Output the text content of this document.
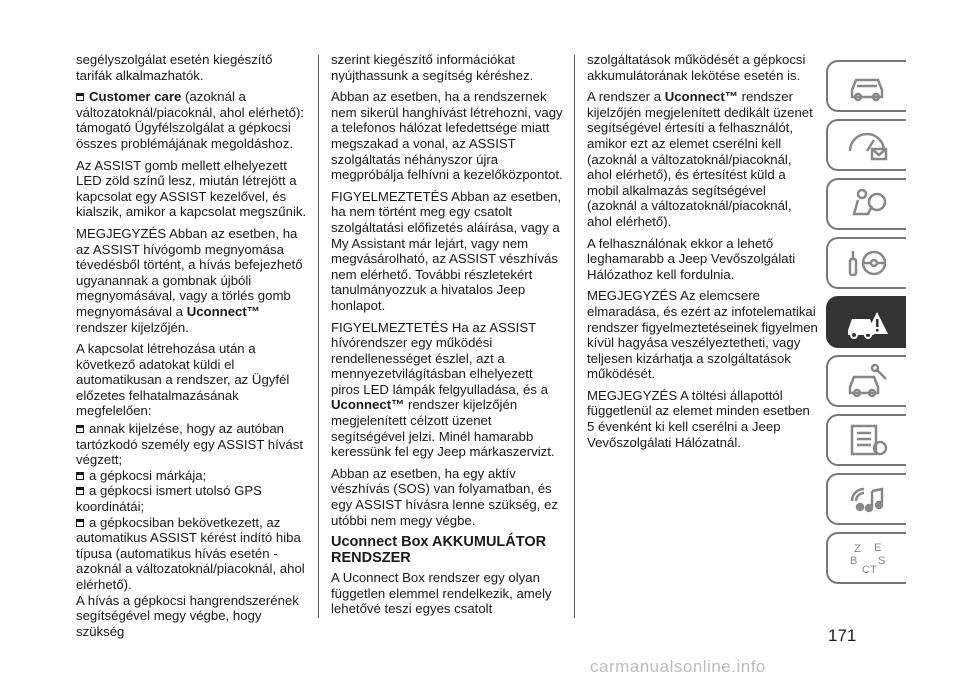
segélyszolgálat esetén kiegészítő tarifák alkalmazhatók.

Customer care (azoknál a változatoknál/piacoknál, ahol elérhető): támogató Ügyfélszolgálat a gépkocsi összes problémájának megoldáshoz.

Az ASSIST gomb mellett elhelyezett LED zöld színű lesz, miután létrejött a kapcsolat egy ASSIST kezelővel, és kialszik, amikor a kapcsolat megszűnik.

MEGJEGYZÉS Abban az esetben, ha az ASSIST hívógomb megnyomása tévedésből történt, a hívás befejezhető ugyanannak a gombnak újbóli megnyomásával, vagy a törlés gomb megnyomásával a Uconnect™ rendszer kijelzőjén.

A kapcsolat létrehozása után a következő adatokat küldi el automatikusan a rendszer, az Ügyfél előzetes felhatalmazásának megfelelően:

annak kijelzése, hogy az autóban tartózkodó személy egy ASSIST hívást végzett;

a gépkocsi márkája;

a gépkocsi ismert utolsó GPS koordinátái;

a gépkocsiban bekövetkezett, az automatikus ASSIST kérést indító hiba típusa (automatikus hívás esetén - azoknál a változatoknál/piacoknál, ahol elérhető).

A hívás a gépkocsi hangrendszerének segítségével megy végbe, hogy szükség

szerint kiegészítő információkat nyújthassunk a segítség kéréshez.

Abban az esetben, ha a rendszernek nem sikerül hanghívást létrehozni, vagy a telefonos hálózat lefedettsége miatt megszakad a vonal, az ASSIST szolgáltatás néhányszor újra megpróbálja felhívni a kezelőközpontot.

FIGYELMEZTETÉS Abban az esetben, ha nem történt meg egy csatolt szolgáltatási előfizetés aláírása, vagy a My Assistant már lejárt, vagy nem megvásárolható, az ASSIST vészhívás nem elérhető. További részletekért tanulmányozzuk a hivatalos Jeep honlapot.

FIGYELMEZTETÉS Ha az ASSIST hívórendszer egy működési rendellenességet észlel, azt a mennyezetvilágításban elhelyezett piros LED lámpák felgyulladása, és a Uconnect™ rendszer kijelzőjén megjelenített célzott üzenet segítségével jelzi. Minél hamarabb keressünk fel egy Jeep márkaszervizt.

Abban az esetben, ha egy aktív vészhívás (SOS) van folyamatban, és egy ASSIST hívásra lenne szükség, ez utóbbi nem megy végbe.

Uconnect Box AKKUMULÁTOR RENDSZER

A Uconnect Box rendszer egy olyan független elemmel rendelkezik, amely lehetővé teszi egyes csatolt

szolgáltatások működését a gépkocsi akkumulátorának lekötése esetén is.

A rendszer a Uconnect™ rendszer kijelzőjén megjelenített dedikált üzenet segítségével értesíti a felhasználót, amikor ezt az elemet cserélni kell (azoknál a változatoknál/piacoknál, ahol elérhető), és értesítést küld a mobil alkalmazás segítségével (azoknál a változatoknál/piacoknál, ahol elérhető).

A felhasználónak ekkor a lehető leghamarabb a Jeep Vevőszolgálati Hálózathoz kell fordulnia.

MEGJEGYZÉS Az elemcsere elmaradása, és ezért az infotelematikai rendszer figyelmeztetéseinek figyelmen kívül hagyása veszélyeztetheti, vagy teljesen kizárhatja a szolgáltatások működését.

MEGJEGYZÉS A töltési állapottól függetlenül az elemet minden esetben 5 évenként ki kell cserélni a Jeep Vevőszolgálati Hálózatnál.

Z E
B
C T
S
171
carmanualsonline.info
